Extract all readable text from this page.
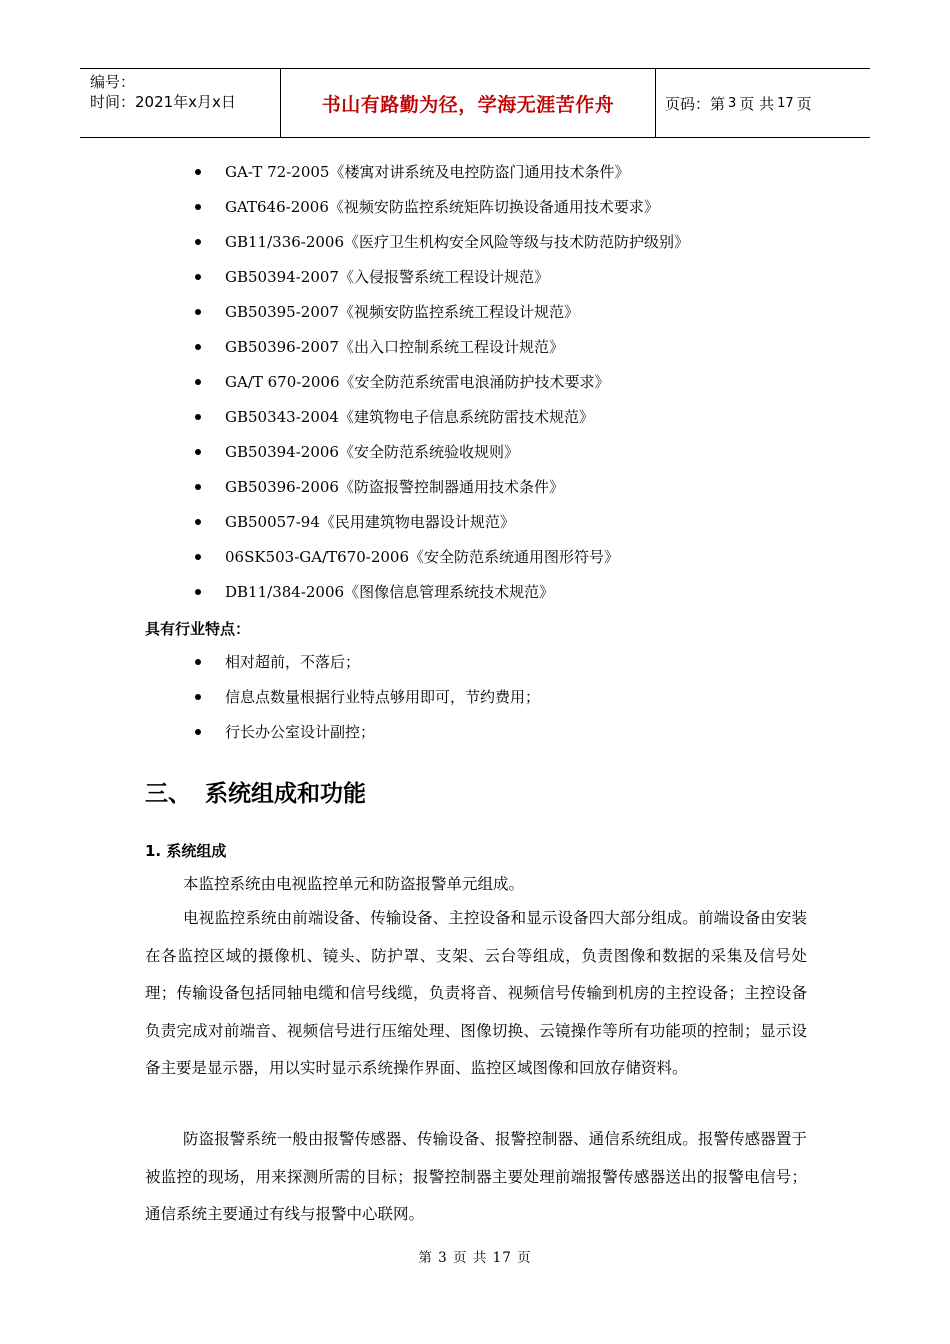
编号：
时间：2021年x月x日	书山有路勤为径，学海无涯苦作舟	页码：第 3 页 共 17 页
GA-T 72-2005《楼寓对讲系统及电控防盗门通用技术条件》
GAT646-2006《视频安防监控系统矩阵切换设备通用技术要求》
GB11/336-2006《医疗卫生机构安全风险等级与技术防范防护级别》
GB50394-2007《入侵报警系统工程设计规范》
GB50395-2007《视频安防监控系统工程设计规范》
GB50396-2007《出入口控制系统工程设计规范》
GA/T 670-2006《安全防范系统雷电浪涌防护技术要求》
GB50343-2004《建筑物电子信息系统防雷技术规范》
GB50394-2006《安全防范系统验收规则》
GB50396-2006《防盗报警控制器通用技术条件》
GB50057-94《民用建筑物电器设计规范》
06SK503-GA/T670-2006《安全防范系统通用图形符号》
DB11/384-2006《图像信息管理系统技术规范》
具有行业特点：
相对超前，不落后；
信息点数量根据行业特点够用即可，节约费用；
行长办公室设计副控；
三、 系统组成和功能
1. 系统组成
本监控系统由电视监控单元和防盗报警单元组成。
电视监控系统由前端设备、传输设备、主控设备和显示设备四大部分组成。前端设备由安装在各监控区域的摄像机、镜头、防护罩、支架、云台等组成，负责图像和数据的采集及信号处理；传输设备包括同轴电缆和信号线缆，负责将音、视频信号传输到机房的主控设备；主控设备负责完成对前端音、视频信号进行压缩处理、图像切换、云镜操作等所有功能项的控制；显示设备主要是显示器，用以实时显示系统操作界面、监控区域图像和回放存储资料。
防盗报警系统一般由报警传感器、传输设备、报警控制器、通信系统组成。报警传感器置于被监控的现场，用来探测所需的目标；报警控制器主要处理前端报警传感器送出的报警电信号；通信系统主要通过有线与报警中心联网。
第 3 页 共 17 页
